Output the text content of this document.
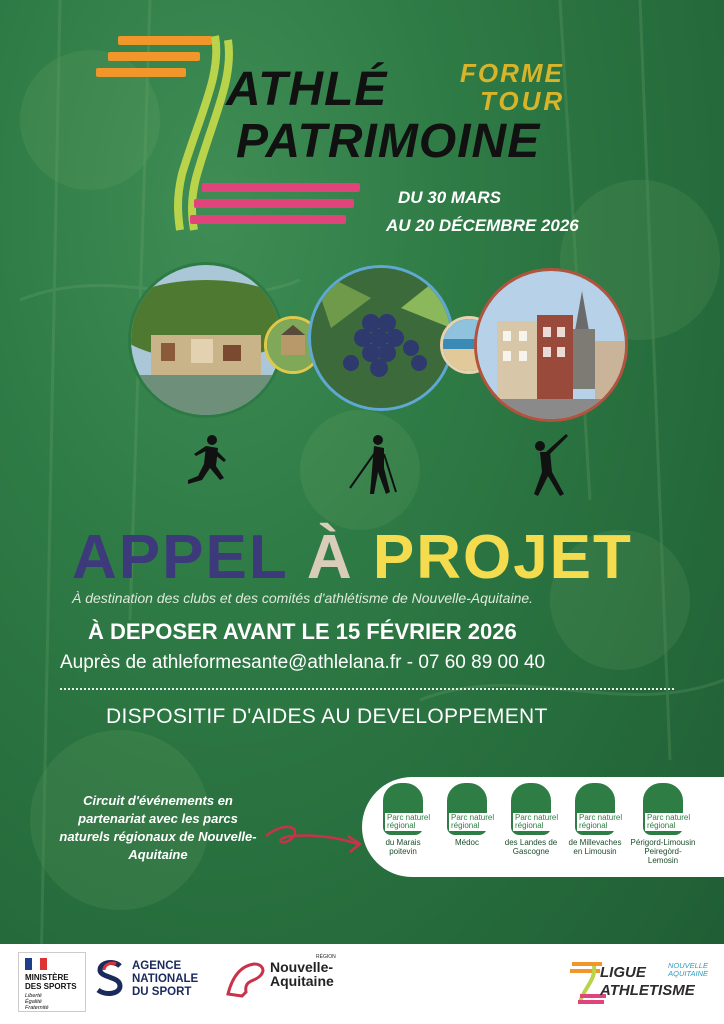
ATHLÉ	FORME
TOUR
PATRIMOINE
DU 30 MARS
AU 20 DÉCEMBRE 2026
APPEL À PROJET
À destination des clubs et des comités d'athlétisme de Nouvelle-Aquitaine.
À DEPOSER AVANT LE 15 FÉVRIER 2026
Auprès de athleformesante@athlelana.fr - 07 60 89 00 40
DISPOSITIF D'AIDES AU DEVELOPPEMENT
Circuit d'événements en partenariat avec les parcs naturels régionaux de Nouvelle-Aquitaine
Parc naturel régional
du Marais poitevin
Parc naturel régional
Médoc
Parc naturel régional
des Landes de Gascogne
Parc naturel régional
de Millevaches en Limousin
Parc naturel régional
Périgord-Limousin Peiregòrd-Lemosin
MINISTÈRE DES SPORTS
Liberté Égalité Fraternité
AGENCE NATIONALE DU SPORT
RÉGION
Nouvelle-Aquitaine	LIGUE	NOUVELLE AQUITAINE
ATHLETISME
